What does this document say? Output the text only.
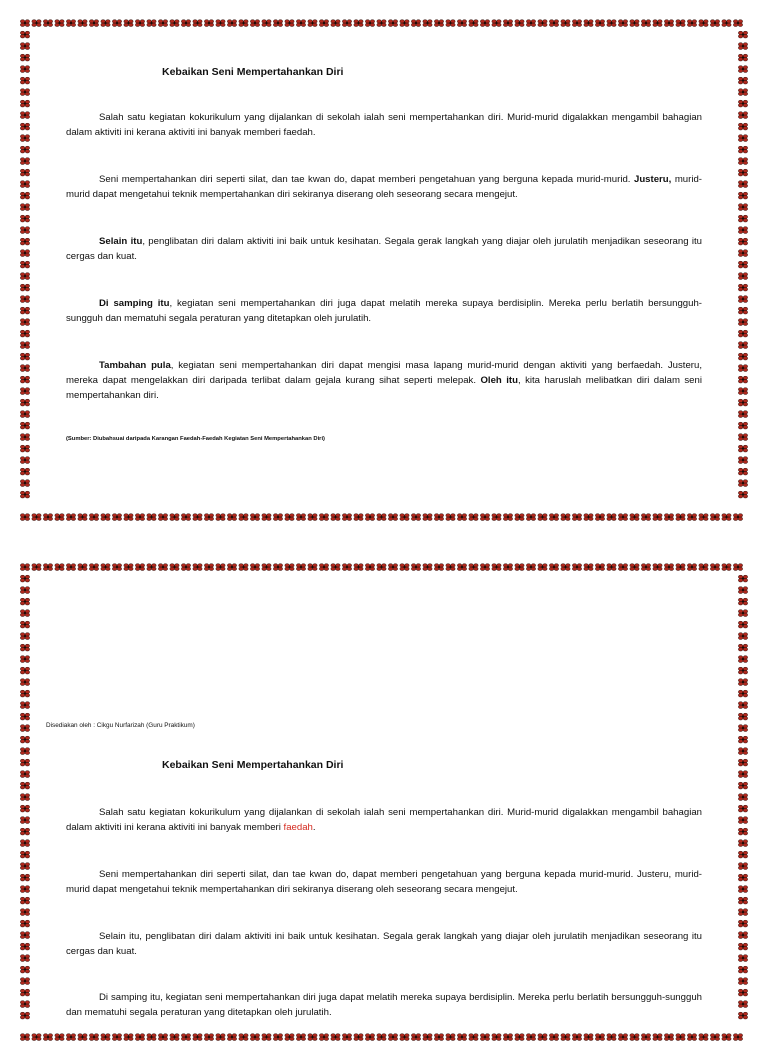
Kebaikan Seni Mempertahankan Diri
Salah satu kegiatan kokurikulum yang dijalankan di sekolah ialah seni mempertahankan diri. Murid-murid digalakkan mengambil bahagian dalam aktiviti ini kerana aktiviti ini banyak memberi faedah.
Seni mempertahankan diri seperti silat, dan tae kwan do, dapat memberi pengetahuan yang berguna kepada murid-murid. Justeru, murid-murid dapat mengetahui teknik mempertahankan diri sekiranya diserang oleh seseorang secara mengejut.
Selain itu, penglibatan diri dalam aktiviti ini baik untuk kesihatan. Segala gerak langkah yang diajar oleh jurulatih menjadikan seseorang itu cergas dan kuat.
Di samping itu, kegiatan seni mempertahankan diri juga dapat melatih mereka supaya berdisiplin. Mereka perlu berlatih bersungguh-sungguh dan mematuhi segala peraturan yang ditetapkan oleh jurulatih.
Tambahan pula, kegiatan seni mempertahankan diri dapat mengisi masa lapang murid-murid dengan aktiviti yang berfaedah. Justeru, mereka dapat mengelakkan diri daripada terlibat dalam gejala kurang sihat seperti melepak. Oleh itu, kita haruslah melibatkan diri dalam seni mempertahankan diri.
(Sumber: Diubahsuai daripada Karangan Faedah-Faedah Kegiatan Seni Mempertahankan Diri)
Disediakan oleh : Cikgu Nurfarizah (Guru Praktikum)
Kebaikan Seni Mempertahankan Diri
Salah satu kegiatan kokurikulum yang dijalankan di sekolah ialah seni mempertahankan diri. Murid-murid digalakkan mengambil bahagian dalam aktiviti ini kerana aktiviti ini banyak memberi faedah.
Seni mempertahankan diri seperti silat, dan tae kwan do, dapat memberi pengetahuan yang berguna kepada murid-murid. Justeru, murid-murid dapat mengetahui teknik mempertahankan diri sekiranya diserang oleh seseorang secara mengejut.
Selain itu, penglibatan diri dalam aktiviti ini baik untuk kesihatan. Segala gerak langkah yang diajar oleh jurulatih menjadikan seseorang itu cergas dan kuat.
Di samping itu, kegiatan seni mempertahankan diri juga dapat melatih mereka supaya berdisiplin. Mereka perlu berlatih bersungguh-sungguh dan mematuhi segala peraturan yang ditetapkan oleh jurulatih.
